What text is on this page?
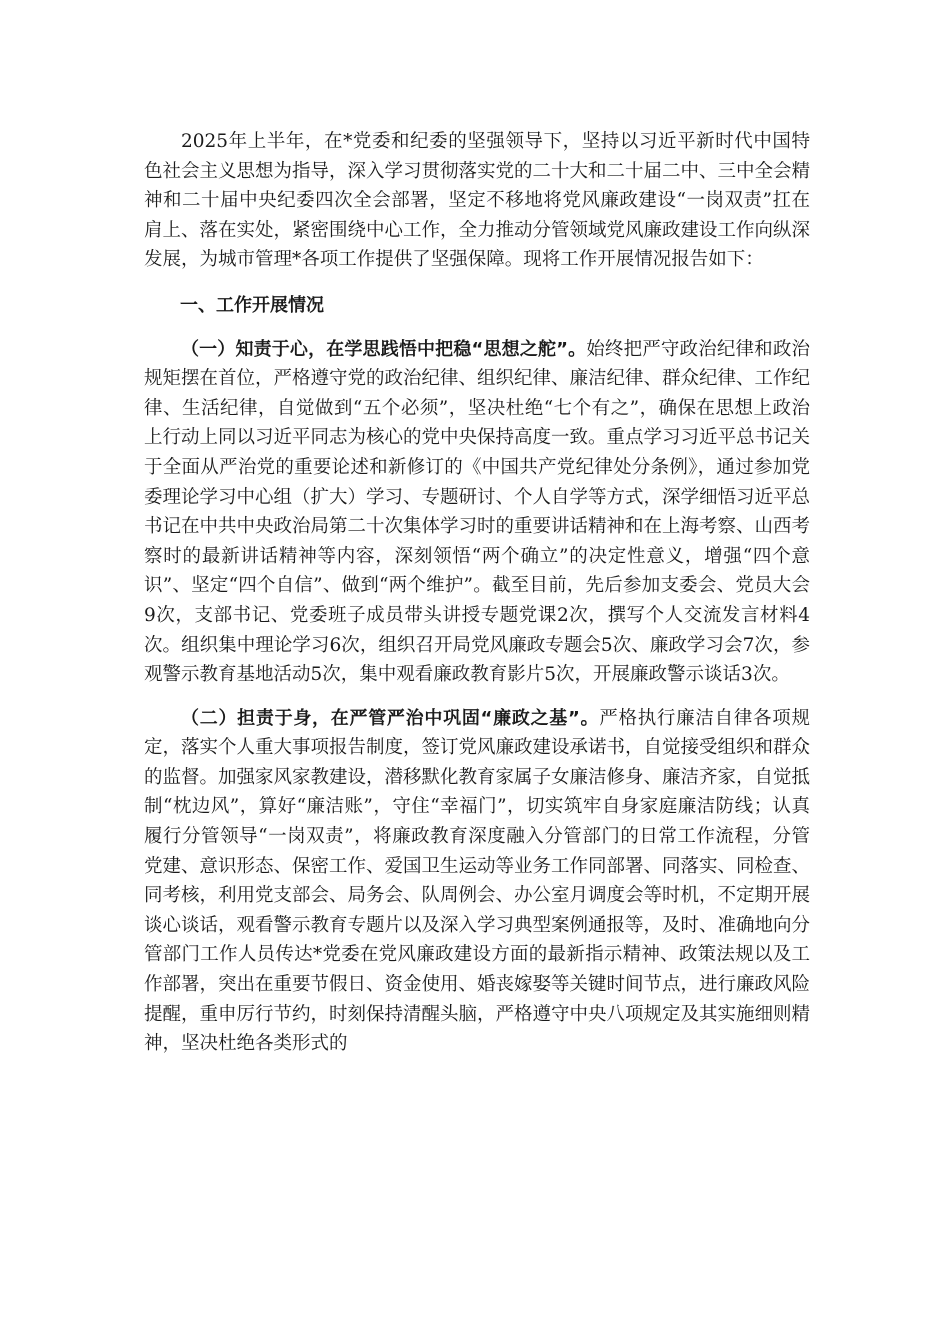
2025年上半年，在*党委和纪委的坚强领导下，坚持以习近平新时代中国特色社会主义思想为指导，深入学习贯彻落实党的二十大和二十届二中、三中全会精神和二十届中央纪委四次全会部署，坚定不移地将党风廉政建设“一岗双责”扛在肩上、落在实处，紧密围绕中心工作，全力推动分管领域党风廉政建设工作向纵深发展，为城市管理*各项工作提供了坚强保障。现将工作开展情况报告如下：

一、工作开展情况

（一）知责于心，在学思践悟中把稳“思想之舵”。始终把严守政治纪律和政治规矩摆在首位，严格遵守党的政治纪律、组织纪律、廉洁纪律、群众纪律、工作纪律、生活纪律，自觉做到“五个必须”，坚决杜绝“七个有之”，确保在思想上政治上行动上同以习近平同志为核心的党中央保持高度一致。重点学习习近平总书记关于全面从严治党的重要论述和新修订的《中国共产党纪律处分条例》，通过参加党委理论学习中心组（扩大）学习、专题研讨、个人自学等方式，深学细悟习近平总书记在中共中央政治局第二十次集体学习时的重要讲话精神和在上海考察、山西考察时的最新讲话精神等内容，深刻领悟“两个确立”的决定性意义，增强“四个意识”、坚定“四个自信”、做到“两个维护”。截至目前，先后参加支委会、党员大会9次，支部书记、党委班子成员带头讲授专题党课2次，撰写个人交流发言材料4次。组织集中理论学习6次，组织召开局党风廉政专题会5次、廉政学习会7次，参观警示教育基地活动5次，集中观看廉政教育影片5次，开展廉政警示谈话3次。

（二）担责于身，在严管严治中巩固“廉政之基”。严格执行廉洁自律各项规定，落实个人重大事项报告制度，签订党风廉政建设承诺书，自觉接受组织和群众的监督。加强家风家教建设，潜移默化教育家属子女廉洁修身、廉洁齐家，自觉抵制“枕边风”，算好“廉洁账”，守住“幸福门”，切实筑牢自身家庭廉洁防线；认真履行分管领导“一岗双责”，将廉政教育深度融入分管部门的日常工作流程，分管党建、意识形态、保密工作、爱国卫生运动等业务工作同部署、同落实、同检查、同考核，利用党支部会、局务会、队周例会、办公室月调度会等时机，不定期开展谈心谈话，观看警示教育专题片以及深入学习典型案例通报等，及时、准确地向分管部门工作人员传达*党委在党风廉政建设方面的最新指示精神、政策法规以及工作部署，突出在重要节假日、资金使用、婚丧嫁娶等关键时间节点，进行廉政风险提醒，重申厉行节约，时刻保持清醒头脑，严格遵守中央八项规定及其实施细则精神，坚决杜绝各类形式的
